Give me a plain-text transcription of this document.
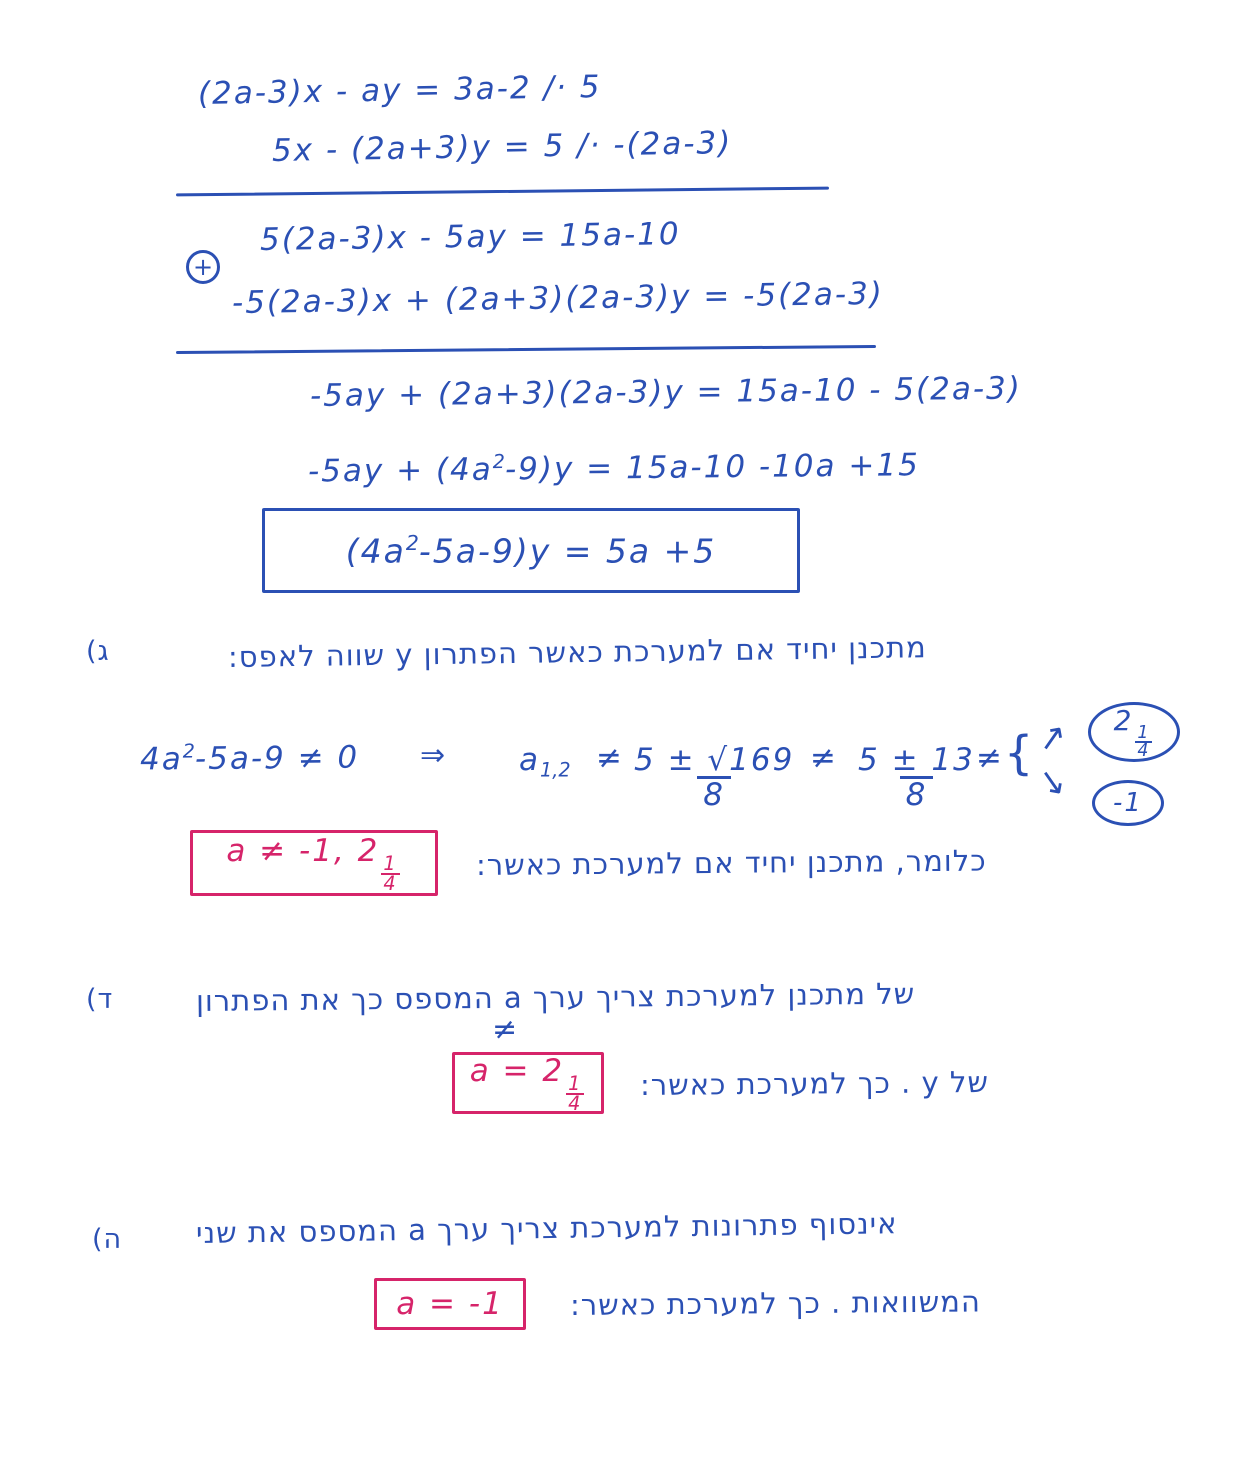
(2a-3)x - ay = 3a-2 /· 5
5x - (2a+3)y = 5 /· -(2a-3)
+
5(2a-3)x - 5ay = 15a-10
-5(2a-3)x + (2a+3)(2a-3)y = -5(2a-3)
-5ay + (2a+3)(2a-3)y = 15a-10 - 5(2a-3)
$-5ay + (4a^2-9)y = 15a-10$ -10a +15
$(4a^2-5a-9)y = 5a +5$
ג)	מתכנן יחיד אם למערכת כאשר הפתרון y שווה לאפס:
$4a^2-5a-9 \ne 0$ ⇒ $a_{1,2} \ne \frac{5 \pm √169}{8} \ne \frac{5 \pm 13}{8}$
≠ { ↗
↘
2
$\frac{1}{4}$
-1
a ≠ -1, 2
$\frac{1}{4}$	כלומר, מתכנן יחיד אם למערכת כאשר:
ד)	של מתכנן למערכת צריך ערך a המספס כך את הפתרון
≠
a = 2
$\frac{1}{4}$ של y . כך למערכת כאשר:
ה)	אינסוף פתרונות למערכת צריך ערך a המספס את שני
a = -1 המשוואות . כך למערכת כאשר:
